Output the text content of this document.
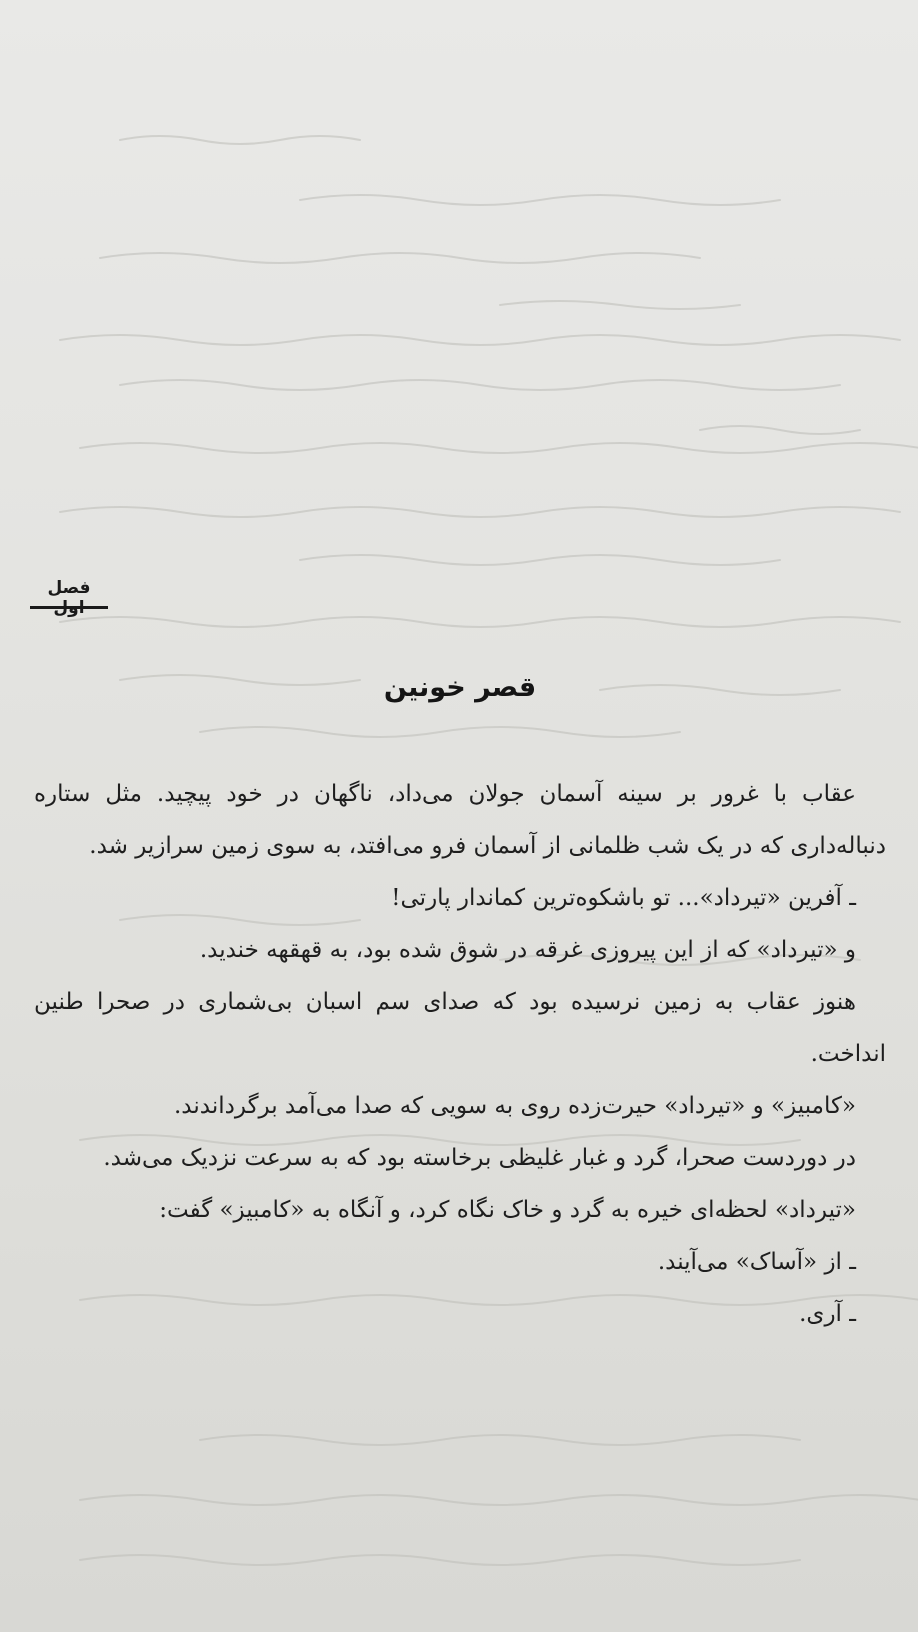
فصل
قصر خونین

عقاب با غرور بر سینه آسمان جولان می‌داد، ناگهان در خود پیچید. مثل ستاره دنباله‌داری که در یک شب ظلمانی از آسمان فرو می‌افتد، به سوی زمین سرازیر شد.

ـ آفرین «تیرداد»... تو باشکوه‌ترین کماندار پارتی!

و «تیرداد» که از این پیروزی غرقه در شوق شده بود، به قهقهه خندید.

هنوز عقاب به زمین نرسیده بود که صدای سم اسبان بی‌شماری در صحرا طنین انداخت.

«کامبیز» و «تیرداد» حیرت‌زده روی به سویی که صدا می‌آمد برگرداندند.

در دوردست صحرا، گرد و غبار غلیظی برخاسته بود که به سرعت نزدیک می‌شد.

«تیرداد» لحظه‌ای خیره به گرد و خاک نگاه کرد، و آنگاه به «کامبیز» گفت:

ـ از «آساک» می‌آیند.

ـ آری.
